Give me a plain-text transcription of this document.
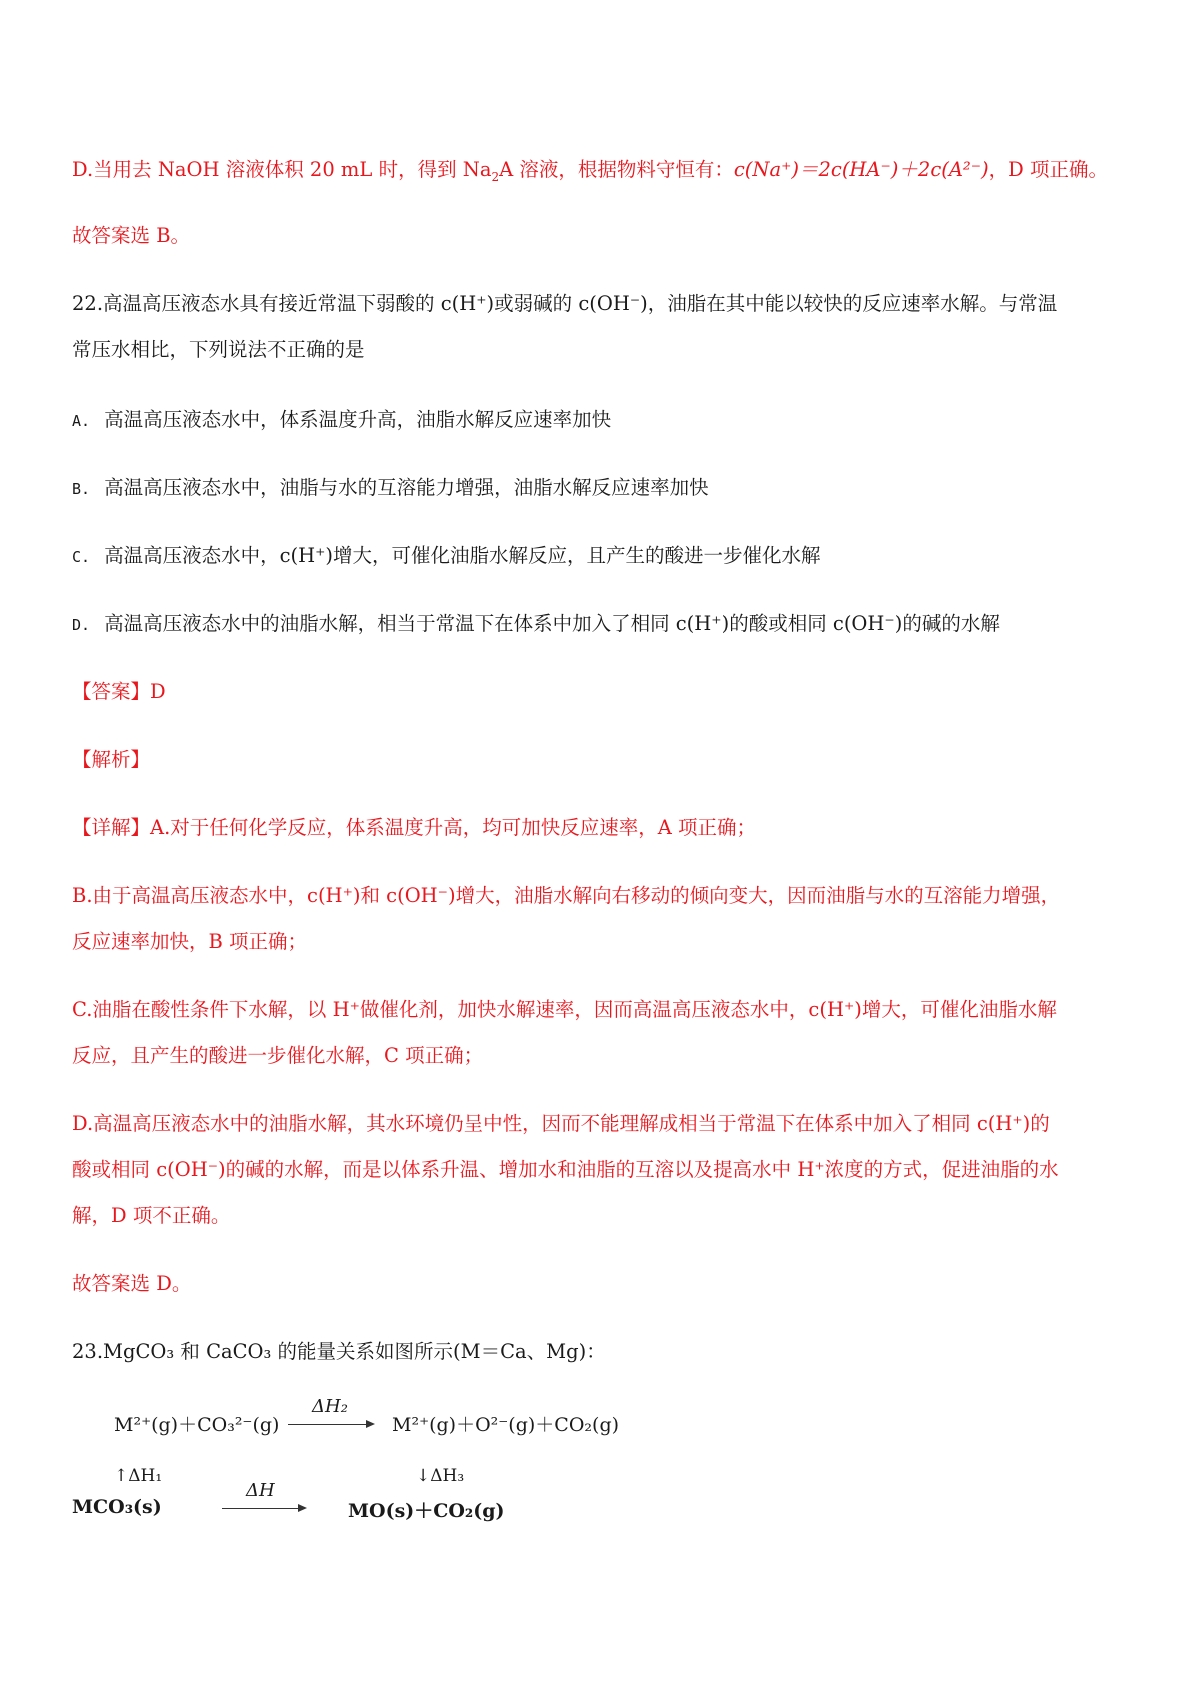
D.当用去 NaOH 溶液体积 20 mL 时，得到 $Na_2A$ 溶液，根据物料守恒有：c(Na⁺)＝2c(HA⁻)＋2c(A²⁻)，D 项正确。

故答案选 B。

22.高温高压液态水具有接近常温下弱酸的 c(H⁺)或弱碱的 c(OH⁻)，油脂在其中能以较快的反应速率水解。与常温

常压水相比，下列说法不正确的是

A. 高温高压液态水中，体系温度升高，油脂水解反应速率加快

B. 高温高压液态水中，油脂与水的互溶能力增强，油脂水解反应速率加快

C. 高温高压液态水中，c(H⁺)增大，可催化油脂水解反应，且产生的酸进一步催化水解

D. 高温高压液态水中的油脂水解，相当于常温下在体系中加入了相同 c(H⁺)的酸或相同 c(OH⁻)的碱的水解

【答案】D

【解析】

【详解】A.对于任何化学反应，体系温度升高，均可加快反应速率，A 项正确；

B.由于高温高压液态水中，c(H⁺)和 c(OH⁻)增大，油脂水解向右移动的倾向变大，因而油脂与水的互溶能力增强，

反应速率加快，B 项正确；

C.油脂在酸性条件下水解，以 H⁺做催化剂，加快水解速率，因而高温高压液态水中，c(H⁺)增大，可催化油脂水解

反应，且产生的酸进一步催化水解，C 项正确；

D.高温高压液态水中的油脂水解，其水环境仍呈中性，因而不能理解成相当于常温下在体系中加入了相同 c(H⁺)的

酸或相同 c(OH⁻)的碱的水解，而是以体系升温、增加水和油脂的互溶以及提高水中 H⁺浓度的方式，促进油脂的水

解，D 项不正确。

故答案选 D。

23.MgCO₃ 和 CaCO₃ 的能量关系如图所示(M＝Ca、Mg)：

M²⁺(g)＋CO₃²⁻(g)
ΔH₂
M²⁺(g)＋O²⁻(g)＋CO₂(g)
↑ΔH₁
MCO₃(s)
ΔH
↓ΔH₃
MO(s)＋CO₂(g)
